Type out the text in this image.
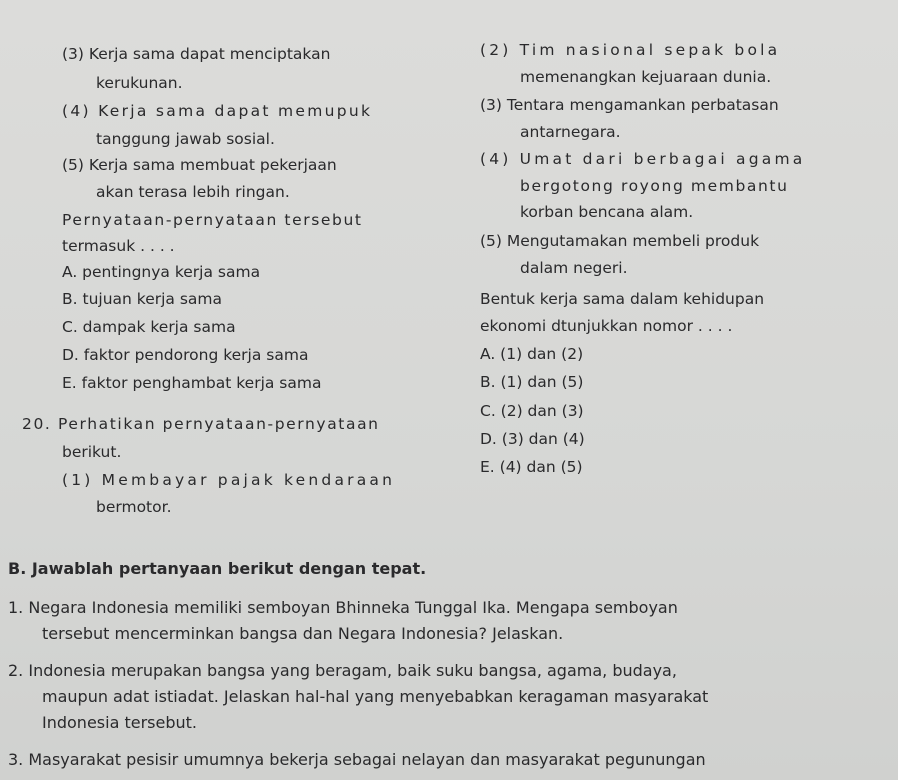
(3) Kerja sama dapat menciptakan
kerukunan.
(4) Kerja sama dapat memupuk
tanggung jawab sosial.
(5) Kerja sama membuat pekerjaan
akan terasa lebih ringan.
Pernyataan-pernyataan tersebut
termasuk . . . .
A. pentingnya kerja sama
B. tujuan kerja sama
C. dampak kerja sama
D. faktor pendorong kerja sama
E. faktor penghambat kerja sama
20. Perhatikan pernyataan-pernyataan
berikut.
(1) Membayar pajak kendaraan
bermotor.
(2) Tim nasional sepak bola
memenangkan kejuaraan dunia.
(3) Tentara mengamankan perbatasan
antarnegara.
(4) Umat dari berbagai agama
bergotong royong membantu
korban bencana alam.
(5) Mengutamakan membeli produk
dalam negeri.
Bentuk kerja sama dalam kehidupan
ekonomi dtunjukkan nomor . . . .
A. (1) dan (2)
B. (1) dan (5)
C. (2) dan (3)
D. (3) dan (4)
E. (4) dan (5)
B. Jawablah pertanyaan berikut dengan tepat.
1. Negara Indonesia memiliki semboyan Bhinneka Tunggal Ika. Mengapa semboyan
tersebut mencerminkan bangsa dan Negara Indonesia? Jelaskan.
2. Indonesia merupakan bangsa yang beragam, baik suku bangsa, agama, budaya,
maupun adat istiadat. Jelaskan hal-hal yang menyebabkan keragaman masyarakat
Indonesia tersebut.
3. Masyarakat pesisir umumnya bekerja sebagai nelayan dan masyarakat pegunungan
